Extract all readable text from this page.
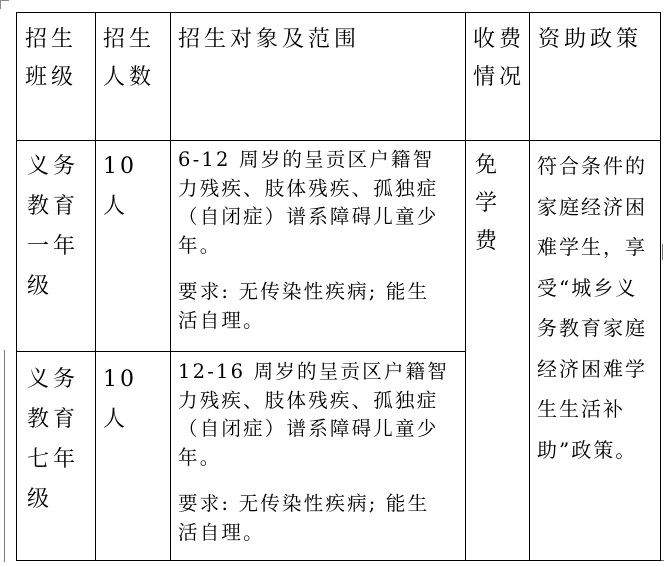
招生
班级
招生
人数
招生对象及范围	收费
情况
资助政策
义务
教育
一年
级
10
人
6-12 周岁的呈贡区户籍智力残疾、肢体残疾、孤独症（自闭症）谱系障碍儿童少年。
要求: 无传染性疾病; 能生活自理。
义务
教育
七年
级
10
人
12-16 周岁的呈贡区户籍智力残疾、肢体残疾、孤独症（自闭症）谱系障碍儿童少年。
要求: 无传染性疾病; 能生活自理。
免
学
费
符合条件的家庭经济困难学生，享受“城乡义务教育家庭经济困难学生生活补助”政策。
